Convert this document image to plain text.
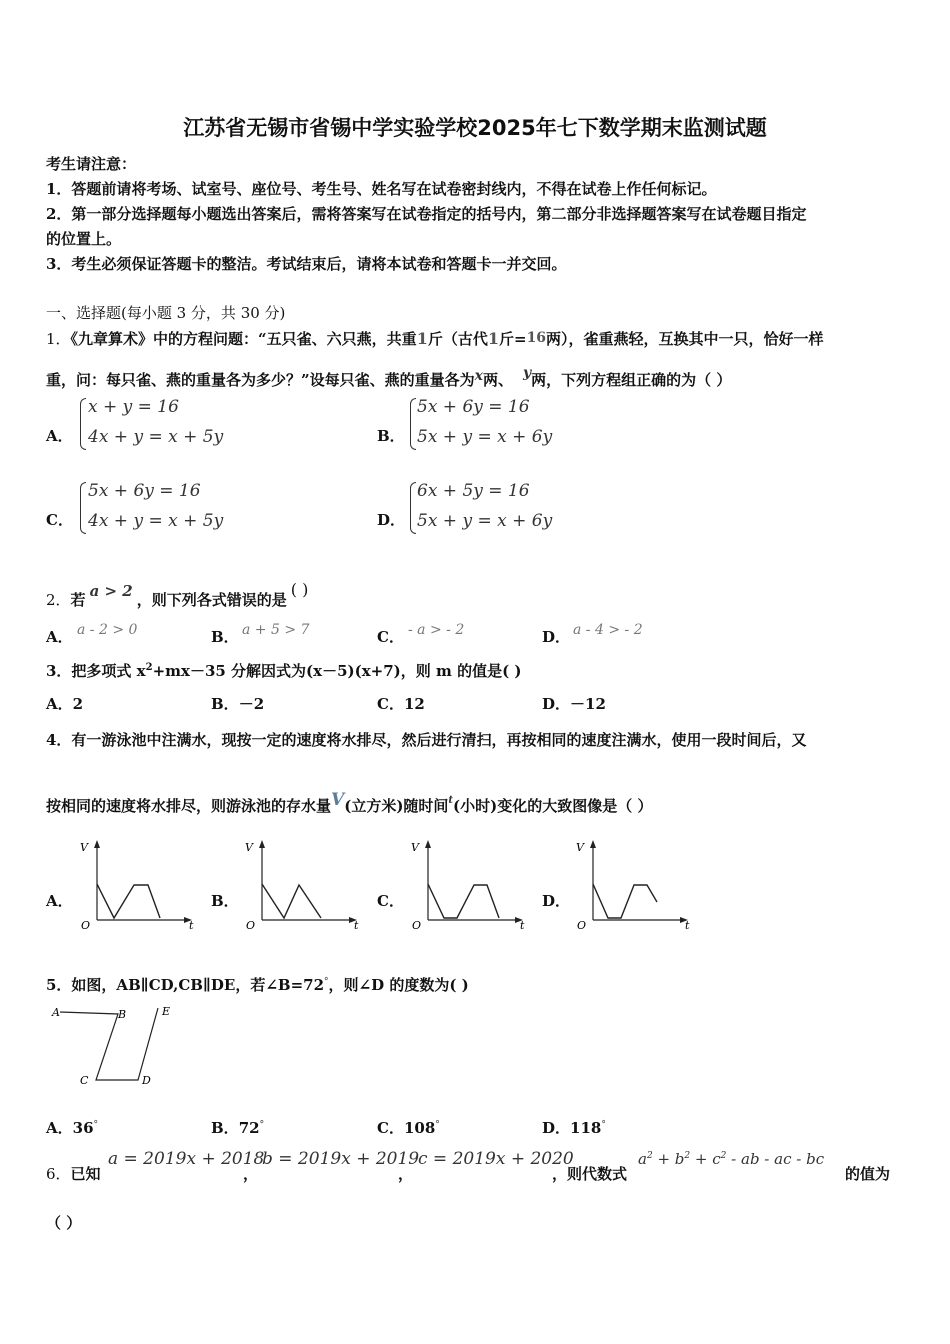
江苏省无锡市省锡中学实验学校2025年七下数学期末监测试题
考生请注意：
1．答题前请将考场、试室号、座位号、考生号、姓名写在试卷密封线内，不得在试卷上作任何标记。
2．第一部分选择题每小题选出答案后，需将答案写在试卷指定的括号内，第二部分非选择题答案写在试卷题目指定
的位置上。
3．考生必须保证答题卡的整洁。考试结束后，请将本试卷和答题卡一并交回。
一、选择题(每小题 3 分，共 30 分)
1．《九章算术》中的方程问题：“五只雀、六只燕，共重1斤（古代1斤=16两），雀重燕轻，互换其中一只，恰好一样
重，问：每只雀、燕的重量各为多少？”设每只雀、燕的重量各为x两、 y两，下列方程组正确的为（ ）
A．
x + y = 16
4x + y = x + 5y	B．
5x + 6y = 16
5x + y = x + 6y
C．
5x + 6y = 16
4x + y = x + 5y	D．
6x + 5y = 16
5x + y = x + 6y
2．若 a > 2 ，则下列各式错误的是( )
A． a - 2 > 0	B． a + 5 > 7	C． - a > - 2	D． a - 4 > - 2
3．把多项式 $x^2+mx-35$ 分解因式为(x－5)(x+7)，则 m 的值是( )
A．2	B．－2	C．12	D．－12
4．有一游泳池中注满水，现按一定的速度将水排尽，然后进行清扫，再按相同的速度注满水，使用一段时间后，又
按相同的速度将水排尽，则游泳池的存水量V(立方米)随时间$^t$(小时)变化的大致图像是（ ）
A．
V
O	t
B．
V
O	t
C．
V
O	t
D．
V
O	t
5．如图，AB∥CD,CB∥DE，若∠B=72°，则∠D 的度数为( )
A	B
C	D
E
A．36°	B．72°	C．108°	D．118°
6．已知
a = 2019x + 2018
，
b = 2019x + 2019
，
c = 2019x + 2020
，则代数式
$a^2 + b^2 + c^2$ - ab - ac - bc
的值为
（ ）
